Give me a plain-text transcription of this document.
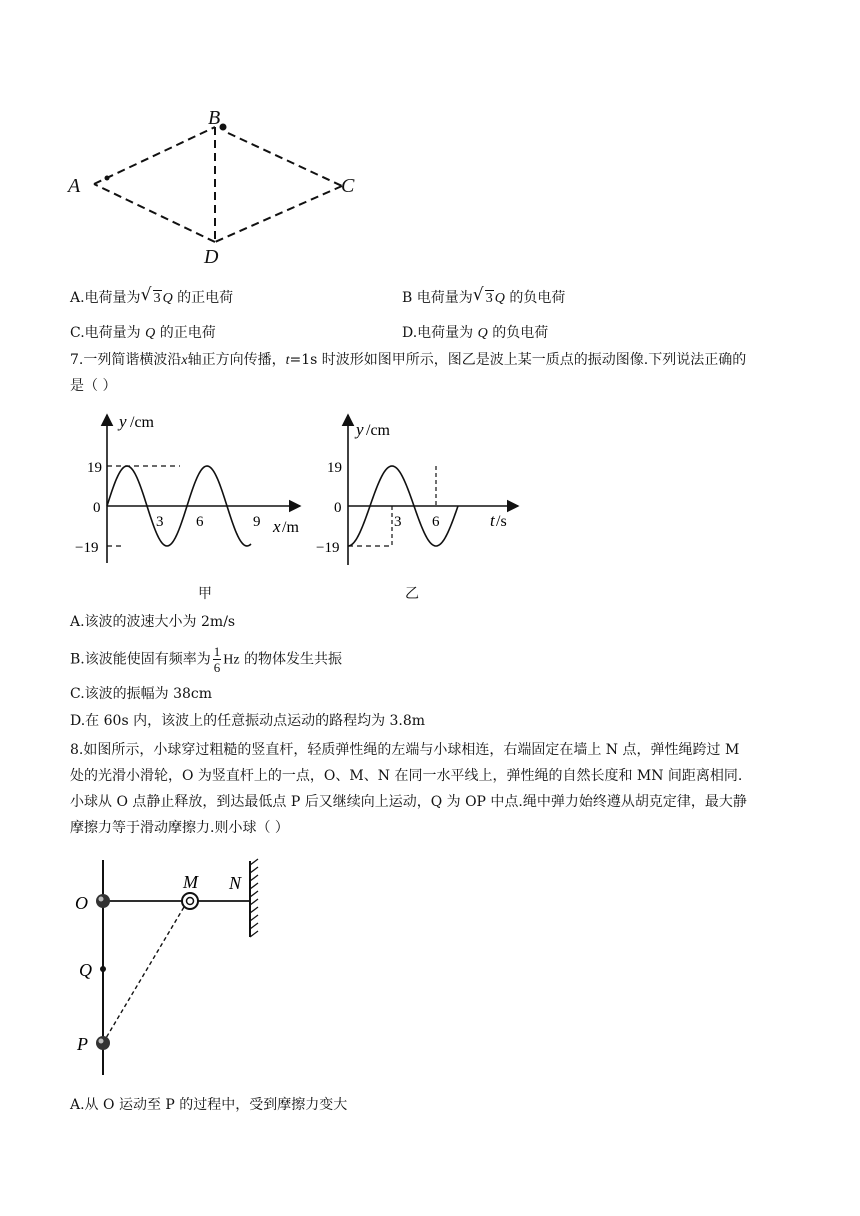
A
B
C
D
A.电荷量为 √ 3 Q 的正电荷	B 电荷量为 √ 3 Q 的负电荷
C.电荷量为 Q 的正电荷	D.电荷量为 Q 的负电荷
7.一列简谐横波沿x轴正方向传播，t=1s 时波形如图甲所示，图乙是波上某一质点的振动图像.下列说法正确的
是（ ）
y /cm
19
0
−19
3 6	9 x /m
甲
y /cm
19
0
−19
3 6	t /s
乙
A.该波的波速大小为 2m/s
B.该波能使固有频率为 $\frac{1}{6}$ Hz 的物体发生共振
C.该波的振幅为 38cm
D.在 60s 内，该波上的任意振动点运动的路程均为 3.8m
8.如图所示，小球穿过粗糙的竖直杆，轻质弹性绳的左端与小球相连，右端固定在墙上 N 点，弹性绳跨过 M
处的光滑小滑轮，O 为竖直杆上的一点，O、M、N 在同一水平线上，弹性绳的自然长度和 MN 间距离相同.
小球从 O 点静止释放，到达最低点 P 后又继续向上运动，Q 为 OP 中点.绳中弹力始终遵从胡克定律，最大静
摩擦力等于滑动摩擦力.则小球（ ）
O
M N
Q
P
A.从 O 运动至 P 的过程中，受到摩擦力变大
